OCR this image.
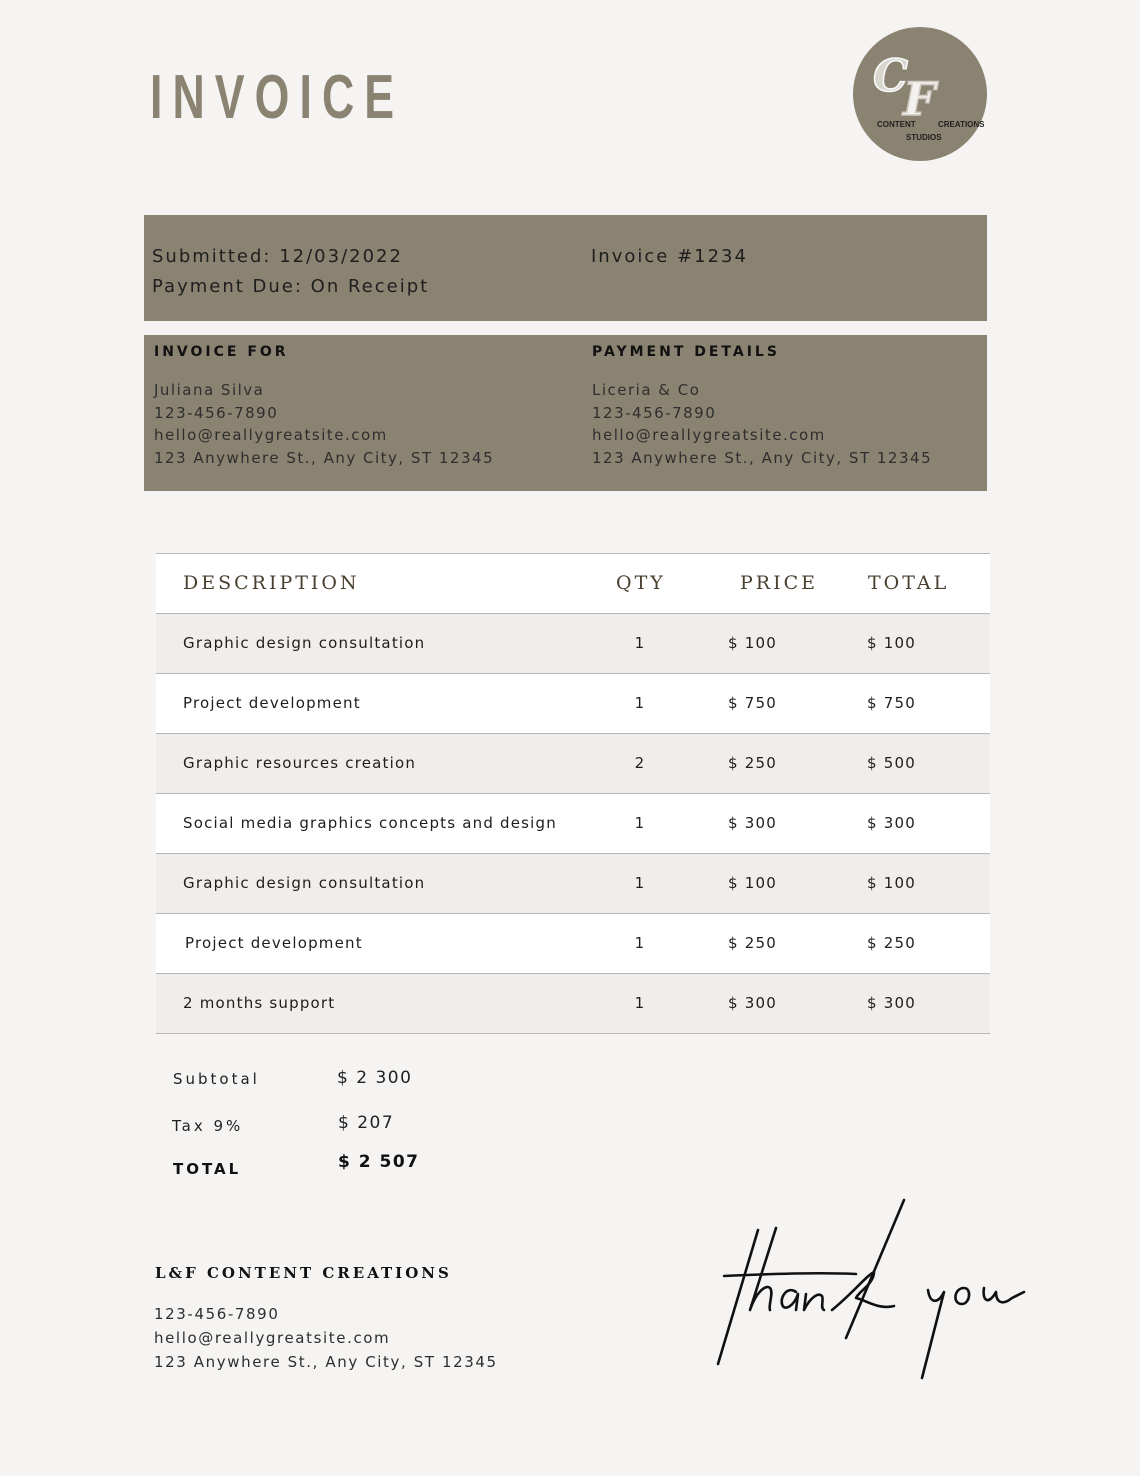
INVOICE	C
F
CONTENT	CREATIONS
STUDIOS
Submitted: 12/03/2022
Payment Due: On Receipt
Invoice #1234
INVOICE FOR
Juliana Silva
123-456-7890
hello@reallygreatsite.com
123 Anywhere St., Any City, ST 12345
PAYMENT DETAILS
Liceria & Co
123-456-7890
hello@reallygreatsite.com
123 Anywhere St., Any City, ST 12345
DESCRIPTION	QTY	PRICE	TOTAL
Graphic design consultation	1	$ 100	$ 100
Project development	1	$ 750	$ 750
Graphic resources creation	2	$ 250	$ 500
Social media graphics concepts and design	1	$ 300	$ 300
Graphic design consultation	1	$ 100	$ 100
Project development	1	$ 250	$ 250
2 months support	1	$ 300	$ 300
Subtotal	$ 2 300
Tax 9%	$ 207
TOTAL	$ 2 507
L&F CONTENT CREATIONS
123-456-7890
hello@reallygreatsite.com
123 Anywhere St., Any City, ST 12345
